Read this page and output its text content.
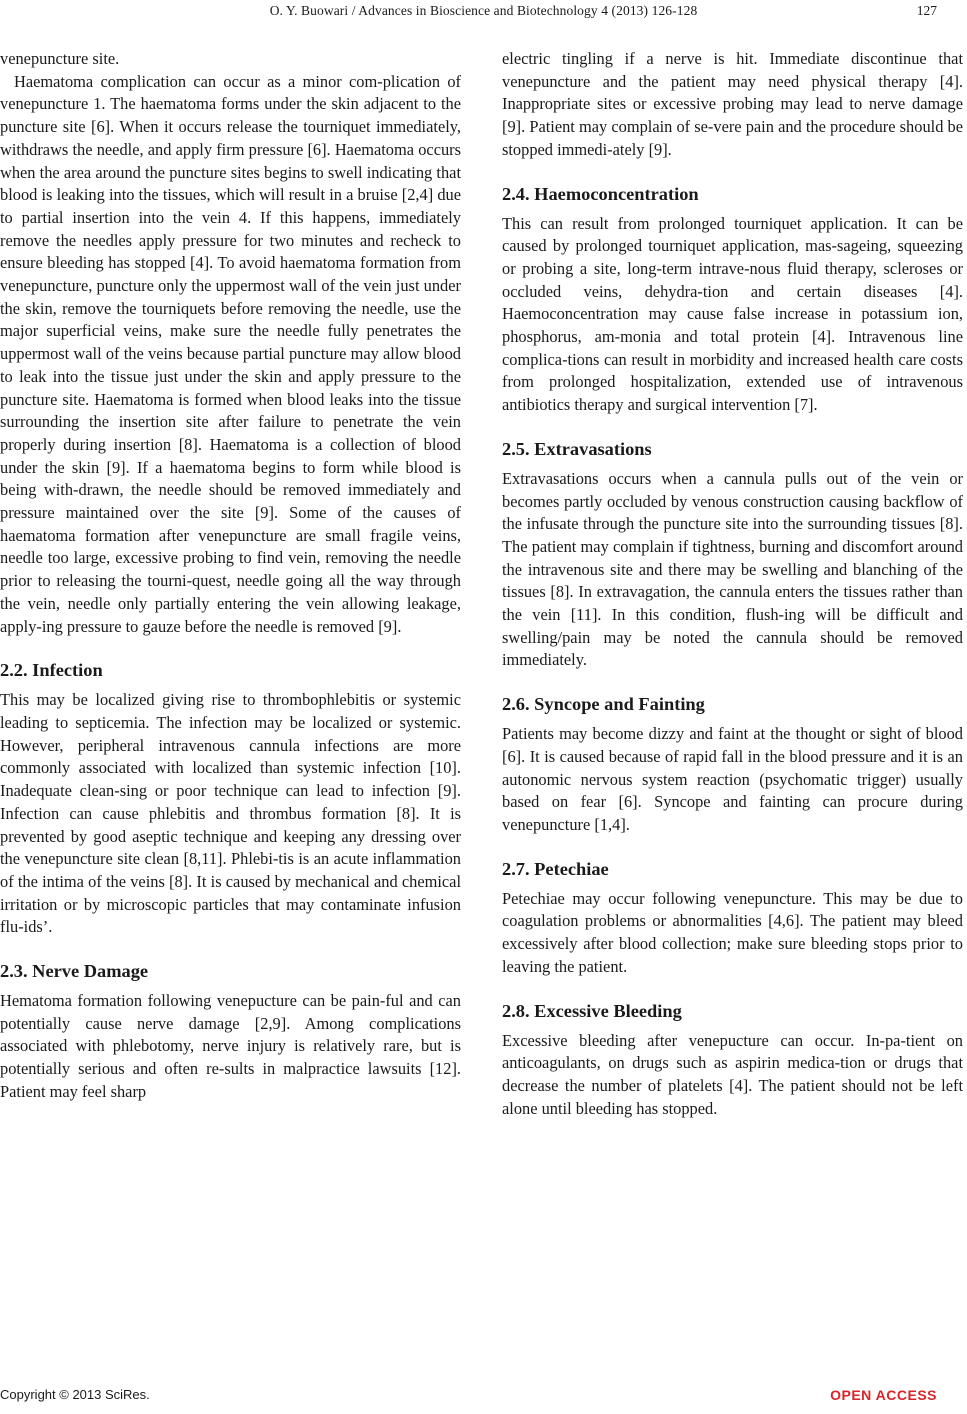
O. Y. Buowari / Advances in Bioscience and Biotechnology 4 (2013) 126-128	127

venepuncture site.

Haematoma complication can occur as a minor com-plication of venepuncture 1. The haematoma forms under the skin adjacent to the puncture site [6]. When it occurs release the tourniquet immediately, withdraws the needle, and apply firm pressure [6]. Haematoma occurs when the area around the puncture sites begins to swell indicating that blood is leaking into the tissues, which will result in a bruise [2,4] due to partial insertion into the vein 4. If this happens, immediately remove the needles apply pressure for two minutes and recheck to ensure bleeding has stopped [4]. To avoid haematoma formation from venepuncture, puncture only the uppermost wall of the vein just under the skin, remove the tourniquets before removing the needle, use the major superficial veins, make sure the needle fully penetrates the uppermost wall of the veins because partial puncture may allow blood to leak into the tissue just under the skin and apply pressure to the puncture site. Haematoma is formed when blood leaks into the tissue surrounding the insertion site after failure to penetrate the vein properly during insertion [8]. Haematoma is a collection of blood under the skin [9]. If a haematoma begins to form while blood is being with-drawn, the needle should be removed immediately and pressure maintained over the site [9]. Some of the causes of haematoma formation after venepuncture are small fragile veins, needle too large, excessive probing to find vein, removing the needle prior to releasing the tourni-quest, needle going all the way through the vein, needle only partially entering the vein allowing leakage, apply-ing pressure to gauze before the needle is removed [9].

2.2. Infection

This may be localized giving rise to thrombophlebitis or systemic leading to septicemia. The infection may be localized or systemic. However, peripheral intravenous cannula infections are more commonly associated with localized than systemic infection [10]. Inadequate clean-sing or poor technique can lead to infection [9]. Infection can cause phlebitis and thrombus formation [8]. It is prevented by good aseptic technique and keeping any dressing over the venepuncture site clean [8,11]. Phlebi-tis is an acute inflammation of the intima of the veins [8]. It is caused by mechanical and chemical irritation or by microscopic particles that may contaminate infusion flu-ids’.

2.3. Nerve Damage

Hematoma formation following venepucture can be pain-ful and can potentially cause nerve damage [2,9]. Among complications associated with phlebotomy, nerve injury is relatively rare, but is potentially serious and often re-sults in malpractice lawsuits [12]. Patient may feel sharp

electric tingling if a nerve is hit. Immediate discontinue that venepuncture and the patient may need physical therapy [4]. Inappropriate sites or excessive probing may lead to nerve damage [9]. Patient may complain of se-vere pain and the procedure should be stopped immedi-ately [9].

2.4. Haemoconcentration

This can result from prolonged tourniquet application. It can be caused by prolonged tourniquet application, mas-sageing, squeezing or probing a site, long-term intrave-nous fluid therapy, scleroses or occluded veins, dehydra-tion and certain diseases [4]. Haemoconcentration may cause false increase in potassium ion, phosphorus, am-monia and total protein [4]. Intravenous line complica-tions can result in morbidity and increased health care costs from prolonged hospitalization, extended use of intravenous antibiotics therapy and surgical intervention [7].

2.5. Extravasations

Extravasations occurs when a cannula pulls out of the vein or becomes partly occluded by venous construction causing backflow of the infusate through the puncture site into the surrounding tissues [8]. The patient may complain if tightness, burning and discomfort around the intravenous site and there may be swelling and blanching of the tissues [8]. In extravagation, the cannula enters the tissues rather than the vein [11]. In this condition, flush-ing will be difficult and swelling/pain may be noted the cannula should be removed immediately.

2.6. Syncope and Fainting

Patients may become dizzy and faint at the thought or sight of blood [6]. It is caused because of rapid fall in the blood pressure and it is an autonomic nervous system reaction (psychomatic trigger) usually based on fear [6]. Syncope and fainting can procure during venepuncture [1,4].

2.7. Petechiae

Petechiae may occur following venepuncture. This may be due to coagulation problems or abnormalities [4,6]. The patient may bleed excessively after blood collection; make sure bleeding stops prior to leaving the patient.

2.8. Excessive Bleeding

Excessive bleeding after venepucture can occur. In-pa-tient on anticoagulants, on drugs such as aspirin medica-tion or drugs that decrease the number of platelets [4]. The patient should not be left alone until bleeding has stopped.

Copyright © 2013 SciRes.	OPEN ACCESS
